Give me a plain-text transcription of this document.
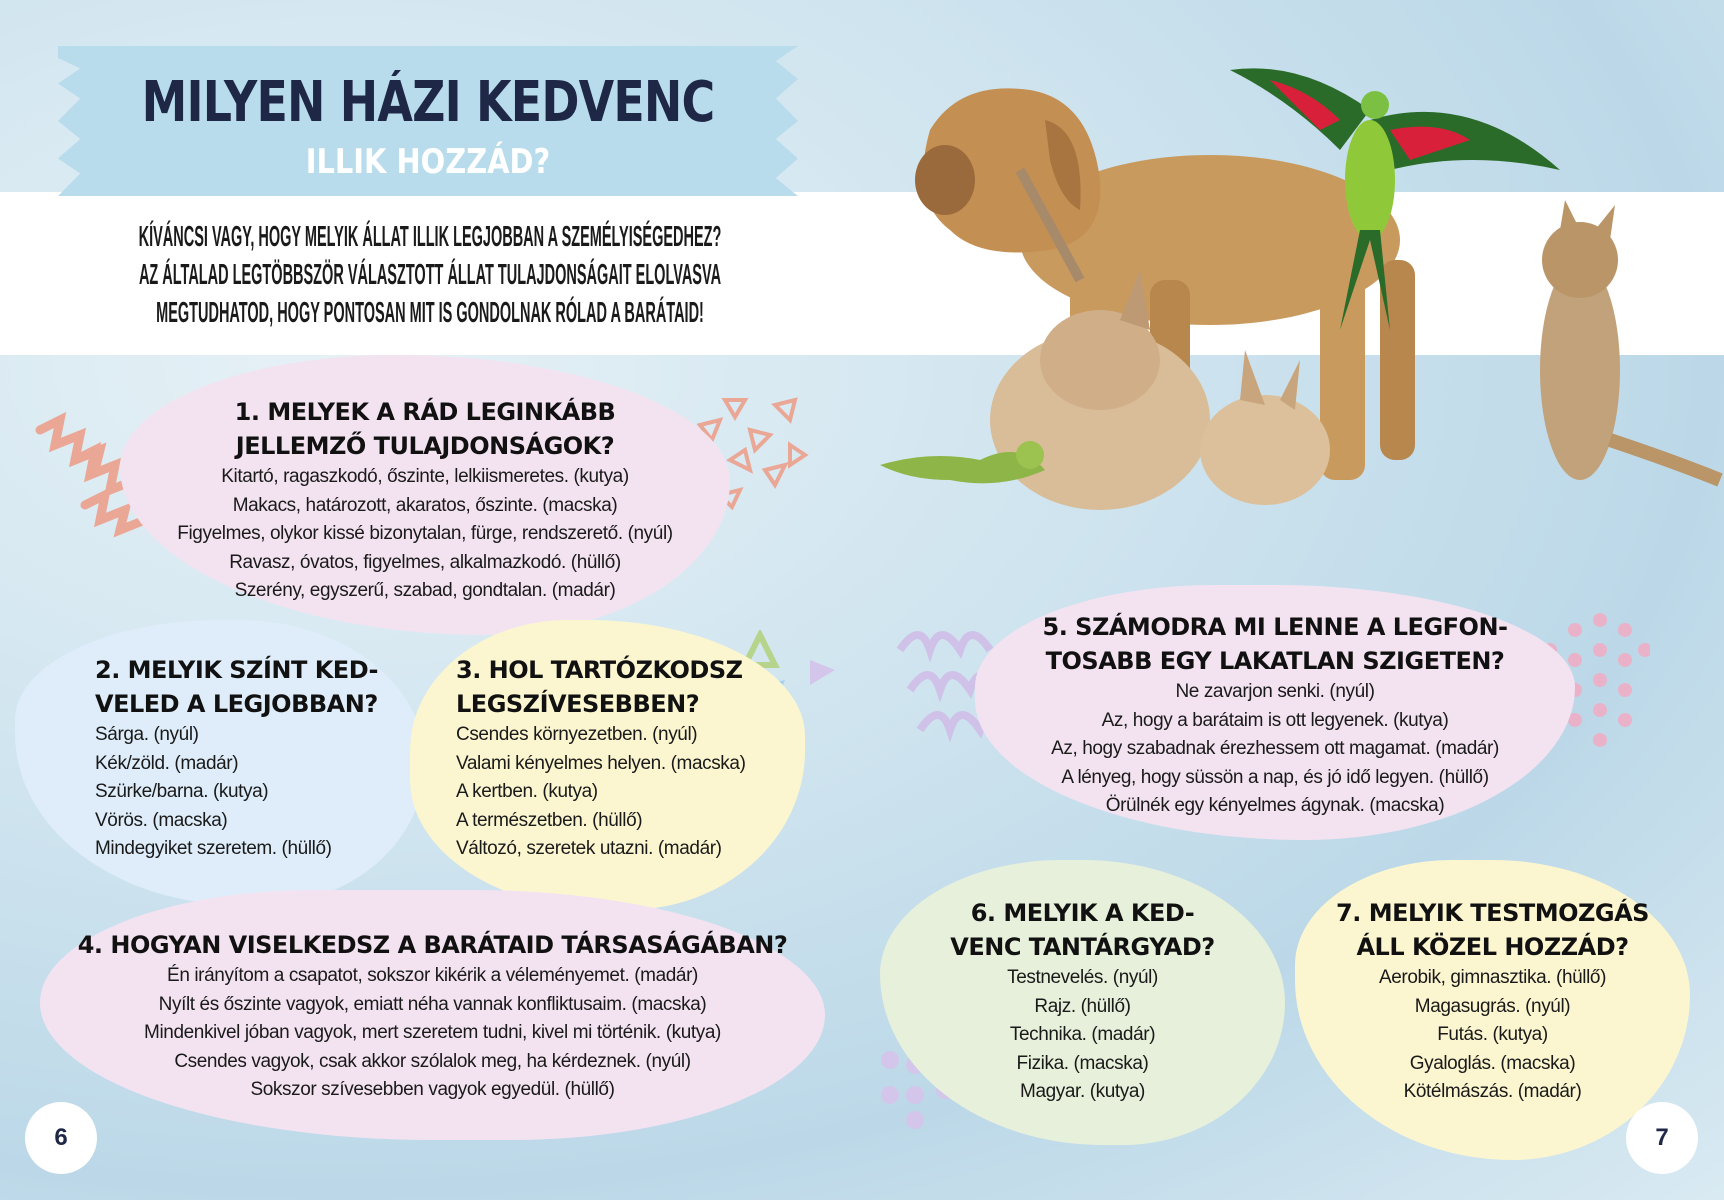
MILYEN HÁZI KEDVENC
ILLIK HOZZÁD?
KÍVÁNCSI VAGY, HOGY MELYIK ÁLLAT ILLIK LEGJOBBAN A SZEMÉLYISÉGEDHEZ?
AZ ÁLTALAD LEGTÖBBSZÖR VÁLASZTOTT ÁLLAT TULAJDONSÁGAIT ELOLVASVA
MEGTUDHATOD, HOGY PONTOSAN MIT IS GONDOLNAK RÓLAD A BARÁTAID!
1. MELYEK A RÁD LEGINKÁBB
JELLEMZŐ TULAJDONSÁGOK?
Kitartó, ragaszkodó, őszinte, lelkiismeretes. (kutya)
Makacs, határozott, akaratos, őszinte. (macska)
Figyelmes, olykor kissé bizonytalan, fürge, rendszerető. (nyúl)
Ravasz, óvatos, figyelmes, alkalmazkodó. (hüllő)
Szerény, egyszerű, szabad, gondtalan. (madár)
2. MELYIK SZÍNT KED-
VELED A LEGJOBBAN?
Sárga. (nyúl)
Kék/zöld. (madár)
Szürke/barna. (kutya)
Vörös. (macska)
Mindegyiket szeretem. (hüllő)
3. HOL TARTÓZKODSZ
LEGSZÍVESEBBEN?
Csendes környezetben. (nyúl)
Valami kényelmes helyen. (macska)
A kertben. (kutya)
A természetben. (hüllő)
Változó, szeretek utazni. (madár)
4. HOGYAN VISELKEDSZ A BARÁTAID TÁRSASÁGÁBAN?
Én irányítom a csapatot, sokszor kikérik a véleményemet. (madár)
Nyílt és őszinte vagyok, emiatt néha vannak konfliktusaim. (macska)
Mindenkivel jóban vagyok, mert szeretem tudni, kivel mi történik. (kutya)
Csendes vagyok, csak akkor szólalok meg, ha kérdeznek. (nyúl)
Sokszor szívesebben vagyok egyedül. (hüllő)
5. SZÁMODRA MI LENNE A LEGFON-
TOSABB EGY LAKATLAN SZIGETEN?
Ne zavarjon senki. (nyúl)
Az, hogy a barátaim is ott legyenek. (kutya)
Az, hogy szabadnak érezhessem ott magamat. (madár)
A lényeg, hogy süssön a nap, és jó idő legyen. (hüllő)
Örülnék egy kényelmes ágynak. (macska)
6. MELYIK A KED-
VENC TANTÁRGYAD?
Testnevelés. (nyúl)
Rajz. (hüllő)
Technika. (madár)
Fizika. (macska)
Magyar. (kutya)
7. MELYIK TESTMOZGÁS
ÁLL KÖZEL HOZZÁD?
Aerobik, gimnasztika. (hüllő)
Magasugrás. (nyúl)
Futás. (kutya)
Gyaloglás. (macska)
Kötélmászás. (madár)
6	7
